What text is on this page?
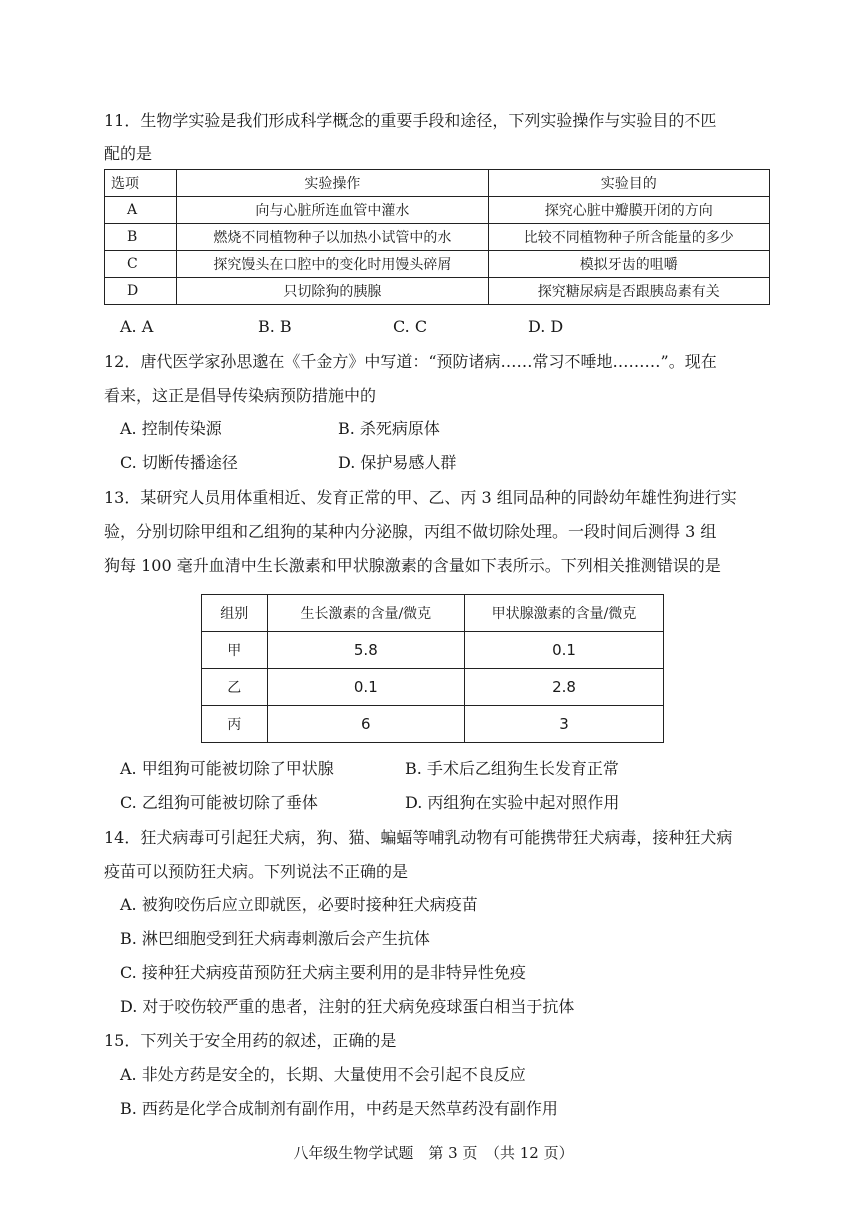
11．生物学实验是我们形成科学概念的重要手段和途径，下列实验操作与实验目的不匹
配的是
选项	实验操作	实验目的
A	向与心脏所连血管中灌水	探究心脏中瓣膜开闭的方向
B	燃烧不同植物种子以加热小试管中的水	比较不同植物种子所含能量的多少
C	探究馒头在口腔中的变化时用馒头碎屑	模拟牙齿的咀嚼
D	只切除狗的胰腺	探究糖尿病是否跟胰岛素有关
A. A	B. B	C. C	D. D
12．唐代医学家孙思邈在《千金方》中写道：“预防诸病……常习不唾地………”。现在
看来，这正是倡导传染病预防措施中的
A. 控制传染源	B. 杀死病原体
C. 切断传播途径	D. 保护易感人群
13．某研究人员用体重相近、发育正常的甲、乙、丙 3 组同品种的同龄幼年雄性狗进行实
验，分别切除甲组和乙组狗的某种内分泌腺，丙组不做切除处理。一段时间后测得 3 组
狗每 100 毫升血清中生长激素和甲状腺激素的含量如下表所示。下列相关推测错误的是
组别	生长激素的含量/微克	甲状腺激素的含量/微克
甲	5.8	0.1
乙	0.1	2.8
丙	6	3
A. 甲组狗可能被切除了甲状腺	B. 手术后乙组狗生长发育正常
C. 乙组狗可能被切除了垂体	D. 丙组狗在实验中起对照作用
14．狂犬病毒可引起狂犬病，狗、猫、蝙蝠等哺乳动物有可能携带狂犬病毒，接种狂犬病
疫苗可以预防狂犬病。下列说法不正确的是
A. 被狗咬伤后应立即就医，必要时接种狂犬病疫苗
B. 淋巴细胞受到狂犬病毒刺激后会产生抗体
C. 接种狂犬病疫苗预防狂犬病主要利用的是非特异性免疫
D. 对于咬伤较严重的患者，注射的狂犬病免疫球蛋白相当于抗体
15．下列关于安全用药的叙述，正确的是
A. 非处方药是安全的，长期、大量使用不会引起不良反应
B. 西药是化学合成制剂有副作用，中药是天然草药没有副作用
八年级生物学试题　第 3 页　（共 12 页）
